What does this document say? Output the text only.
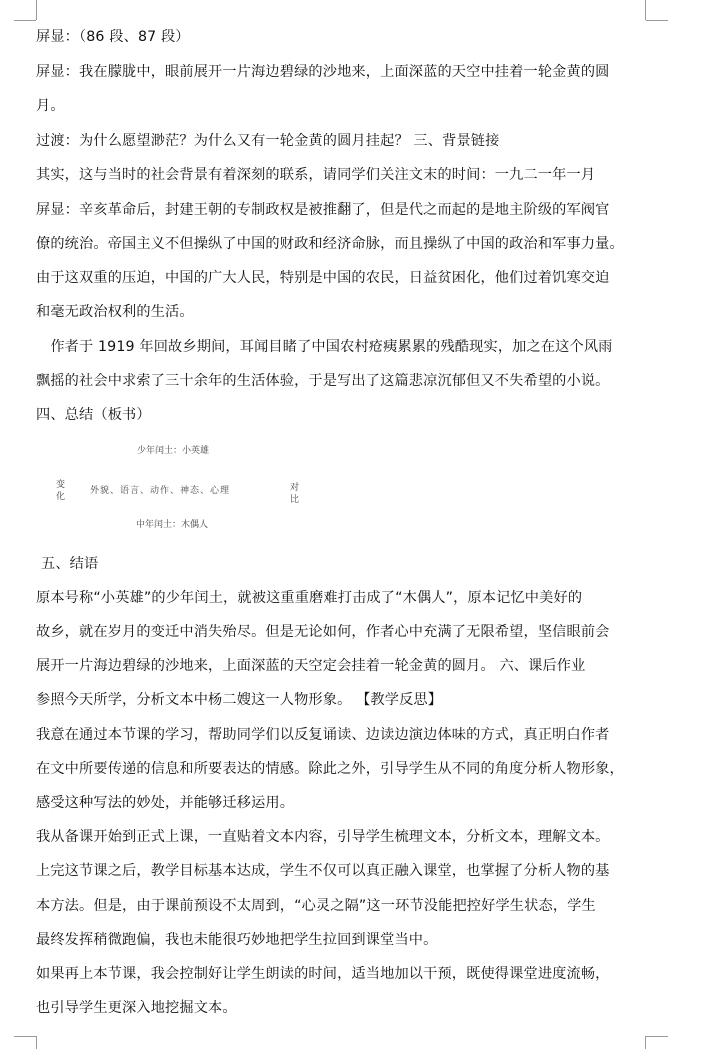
屏显：（86 段、87 段）
屏显：我在朦胧中，眼前展开一片海边碧绿的沙地来，上面深蓝的天空中挂着一轮金黄的圆
月。
过渡：为什么愿望渺茫？为什么又有一轮金黄的圆月挂起？ 三、背景链接
其实，这与当时的社会背景有着深刻的联系，请同学们关注文末的时间：一九二一年一月
屏显：辛亥革命后，封建王朝的专制政权是被推翻了，但是代之而起的是地主阶级的军阀官
僚的统治。帝国主义不但操纵了中国的财政和经济命脉，而且操纵了中国的政治和军事力量。
由于这双重的压迫，中国的广大人民，特别是中国的农民，日益贫困化，他们过着饥寒交迫
和毫无政治权利的生活。
　作者于 1919 年回故乡期间，耳闻目睹了中国农村疮痍累累的残酷现实，加之在这个风雨
飘摇的社会中求索了三十余年的生活体验，于是写出了这篇悲凉沉郁但又不失希望的小说。
四、总结（板书）
少年闰土：小英雄
变化
外貌、语言、动作、神态、心理	对比
中年闰土：木偶人
五、结语
原本号称“小英雄”的少年闰土，就被这重重磨难打击成了“木偶人”，原本记忆中美好的
故乡，就在岁月的变迁中消失殆尽。但是无论如何，作者心中充满了无限希望，坚信眼前会
展开一片海边碧绿的沙地来，上面深蓝的天空定会挂着一轮金黄的圆月。 六、课后作业
参照今天所学，分析文本中杨二嫂这一人物形象。 【教学反思】
我意在通过本节课的学习，帮助同学们以反复诵读、边读边演边体味的方式，真正明白作者
在文中所要传递的信息和所要表达的情感。除此之外，引导学生从不同的角度分析人物形象，
感受这种写法的妙处，并能够迁移运用。
我从备课开始到正式上课，一直贴着文本内容，引导学生梳理文本，分析文本，理解文本。
上完这节课之后，教学目标基本达成，学生不仅可以真正融入课堂，也掌握了分析人物的基
本方法。但是，由于课前预设不太周到，“心灵之隔”这一环节没能把控好学生状态，学生
最终发挥稍微跑偏，我也未能很巧妙地把学生拉回到课堂当中。
如果再上本节课，我会控制好让学生朗读的时间，适当地加以干预，既使得课堂进度流畅，
也引导学生更深入地挖掘文本。
